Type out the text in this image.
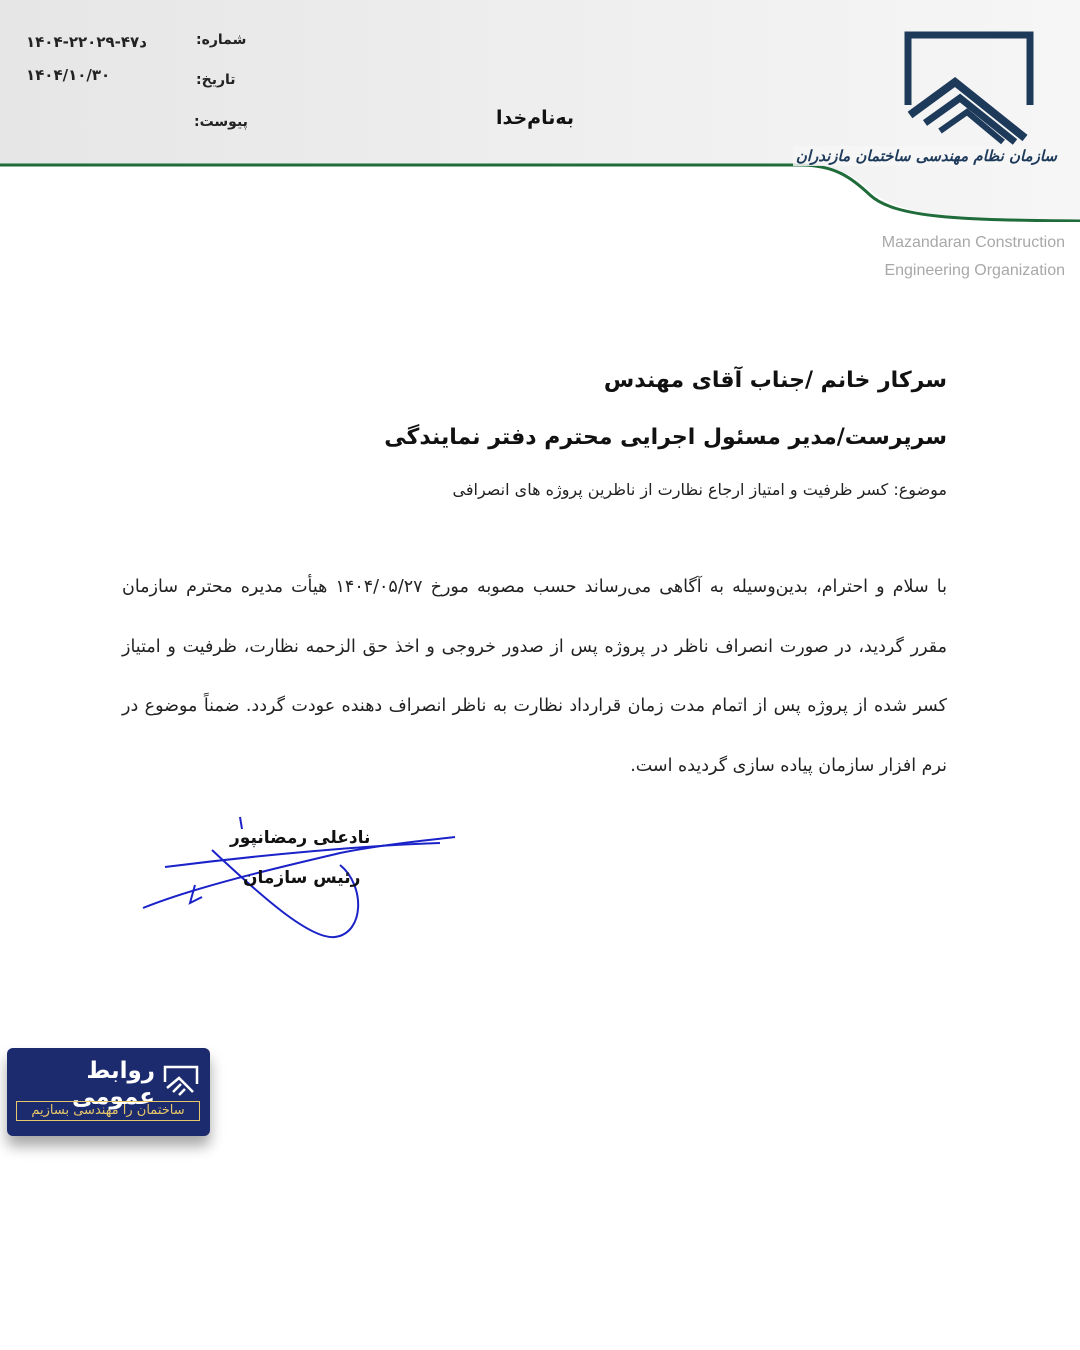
سازمان نظام مهندسی ساختمان مازندران
شماره:
۱۴۰۴-د۴۷-۲۲۰۲۹
تاریخ:
۱۴۰۴/۱۰/۳۰
پیوست:	به‌نام‌خدا
Mazandaran Construction
Engineering Organization
سرکار خانم /جناب آقای مهندس
سرپرست/مدیر مسئول اجرایی محترم دفتر نمایندگی
موضوع: کسر ظرفیت و امتیاز ارجاع نظارت از ناظرین پروژه های انصرافی
با سلام و احترام، بدین‌وسیله به آگاهی می‌رساند حسب مصوبه مورخ ۱۴۰۴/۰۵/۲۷ هیأت مدیره محترم سازمان مقرر گردید، در صورت انصراف ناظر در پروژه پس از صدور خروجی و اخذ حق الزحمه نظارت، ظرفیت و امتیاز کسر شده از پروژه پس از اتمام مدت زمان قرارداد نظارت به ناظر انصراف دهنده عودت گردد. ضمناً موضوع در نرم افزار سازمان پیاده سازی گردیده است.
نادعلی رمضانپور
رئیس سازمان
روابط عمومی
ساختمان را مهندسی بسازیم
